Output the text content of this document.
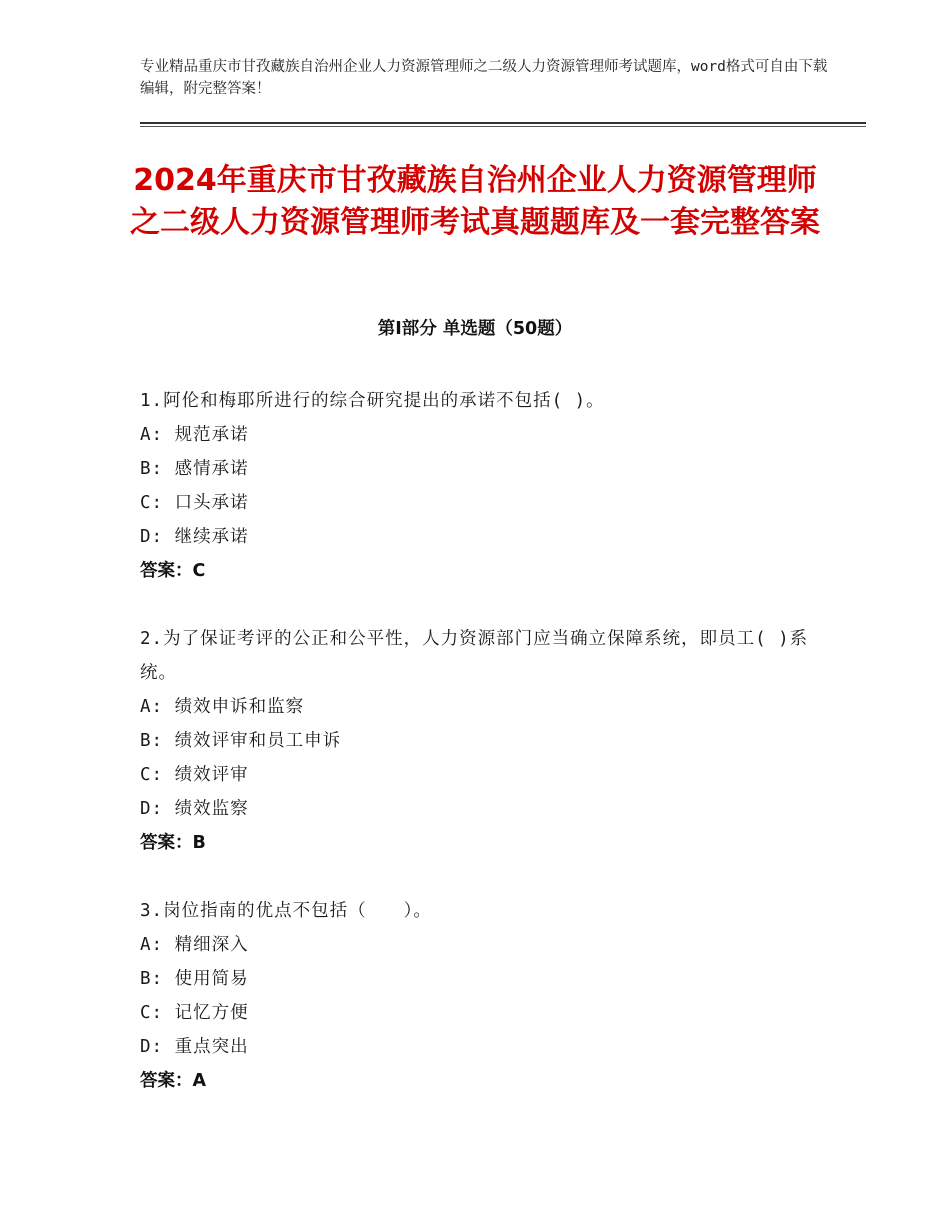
专业精品重庆市甘孜藏族自治州企业人力资源管理师之二级人力资源管理师考试题库，word格式可自由下载编辑，附完整答案！
2024年重庆市甘孜藏族自治州企业人力资源管理师之二级人力资源管理师考试真题题库及一套完整答案
第Ⅰ部分 单选题（50题）
1.阿伦和梅耶所进行的综合研究提出的承诺不包括( )。
A: 规范承诺
B: 感情承诺
C: 口头承诺
D: 继续承诺
答案：C
2.为了保证考评的公正和公平性，人力资源部门应当确立保障系统，即员工( )系统。
A: 绩效申诉和监察
B: 绩效评审和员工申诉
C: 绩效评审
D: 绩效监察
答案：B
3.岗位指南的优点不包括（　　）。
A: 精细深入
B: 使用简易
C: 记忆方便
D: 重点突出
答案：A
